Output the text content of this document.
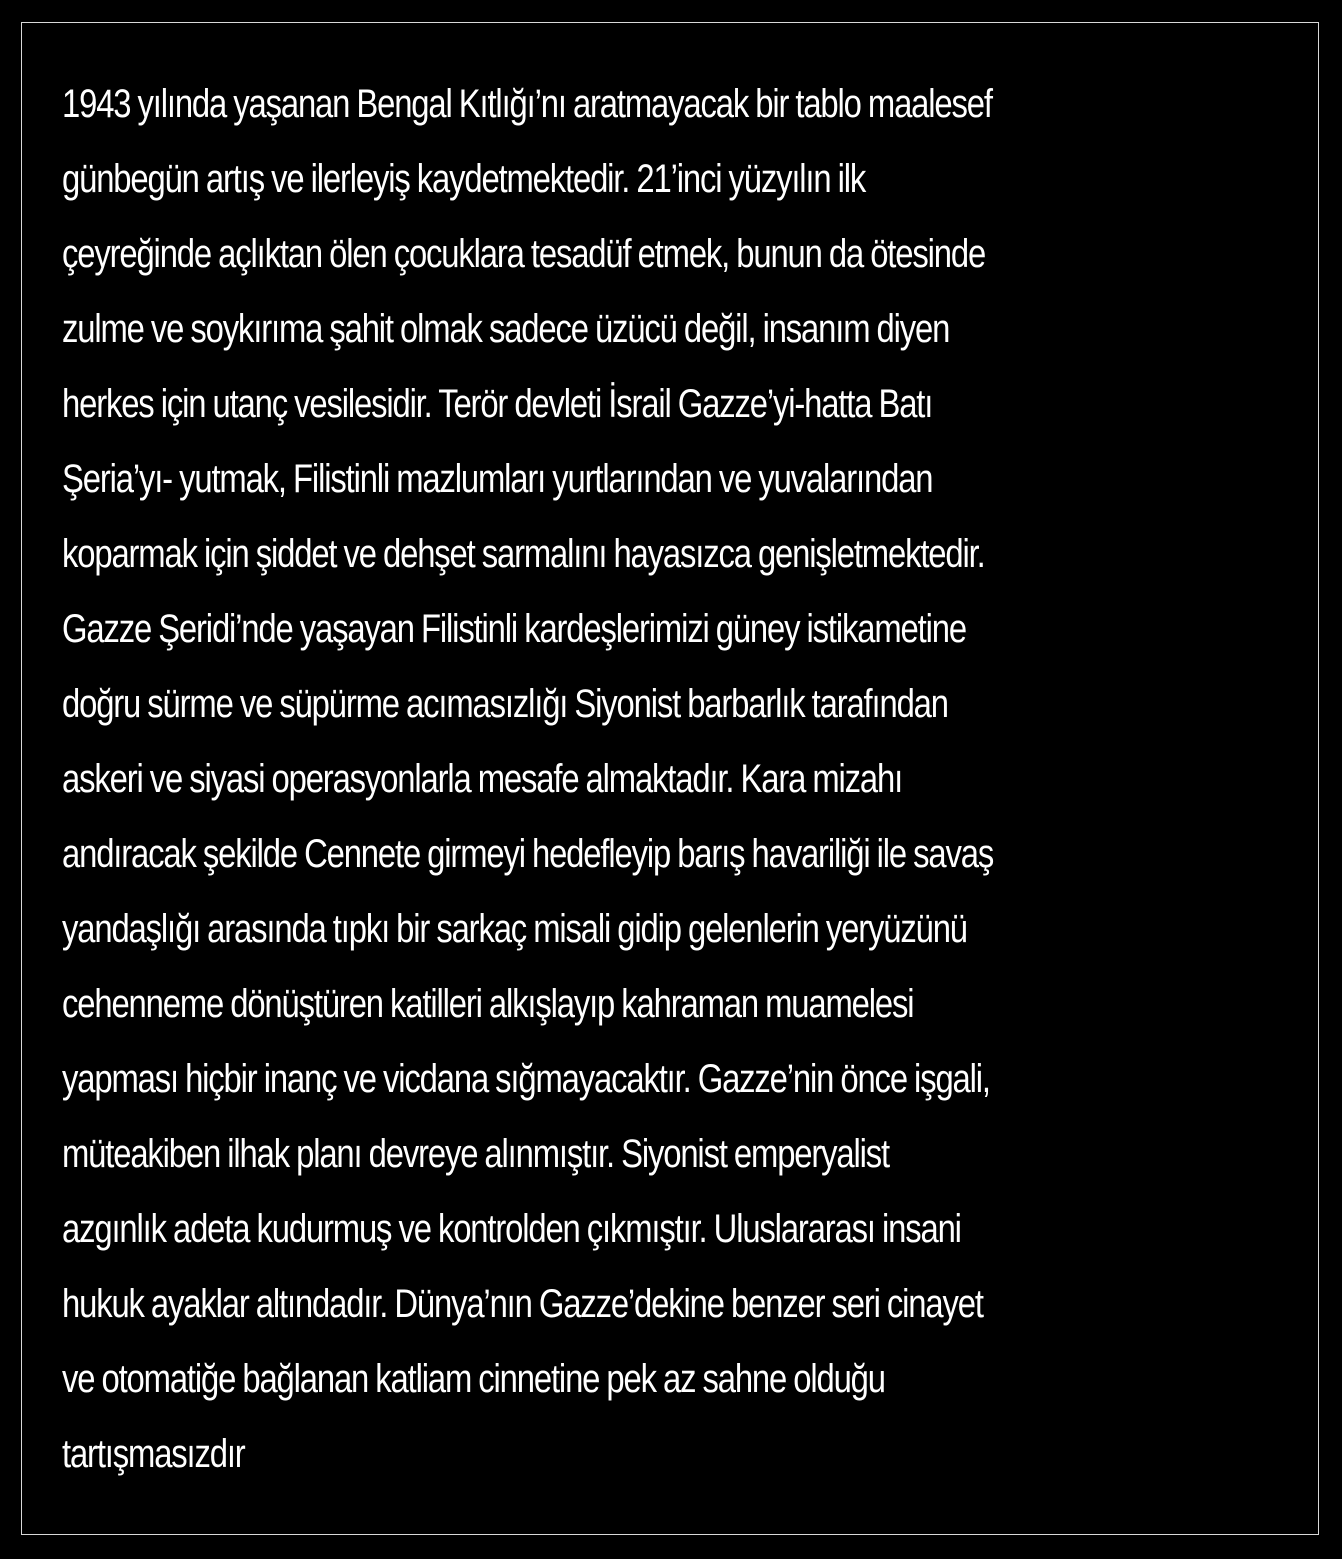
1943 yılında yaşanan Bengal Kıtlığı’nı aratmayacak bir tablo maalesef
günbegün artış ve ilerleyiş kaydetmektedir. 21’inci yüzyılın ilk
çeyreğinde açlıktan ölen çocuklara tesadüf etmek, bunun da ötesinde
zulme ve soykırıma şahit olmak sadece üzücü değil, insanım diyen
herkes için utanç vesilesidir. Terör devleti İsrail Gazze’yi-hatta Batı
Şeria’yı- yutmak, Filistinli mazlumları yurtlarından ve yuvalarından
koparmak için şiddet ve dehşet sarmalını hayasızca genişletmektedir.
Gazze Şeridi’nde yaşayan Filistinli kardeşlerimizi güney istikametine
doğru sürme ve süpürme acımasızlığı Siyonist barbarlık tarafından
askeri ve siyasi operasyonlarla mesafe almaktadır. Kara mizahı
andıracak şekilde Cennete girmeyi hedefleyip barış havariliği ile savaş
yandaşlığı arasında tıpkı bir sarkaç misali gidip gelenlerin yeryüzünü
cehenneme dönüştüren katilleri alkışlayıp kahraman muamelesi
yapması hiçbir inanç ve vicdana sığmayacaktır. Gazze’nin önce işgali,
müteakiben ilhak planı devreye alınmıştır. Siyonist emperyalist
azgınlık adeta kudurmuş ve kontrolden çıkmıştır. Uluslararası insani
hukuk ayaklar altındadır. Dünya’nın Gazze’dekine benzer seri cinayet
ve otomatiğe bağlanan katliam cinnetine pek az sahne olduğu
tartışmasızdır
